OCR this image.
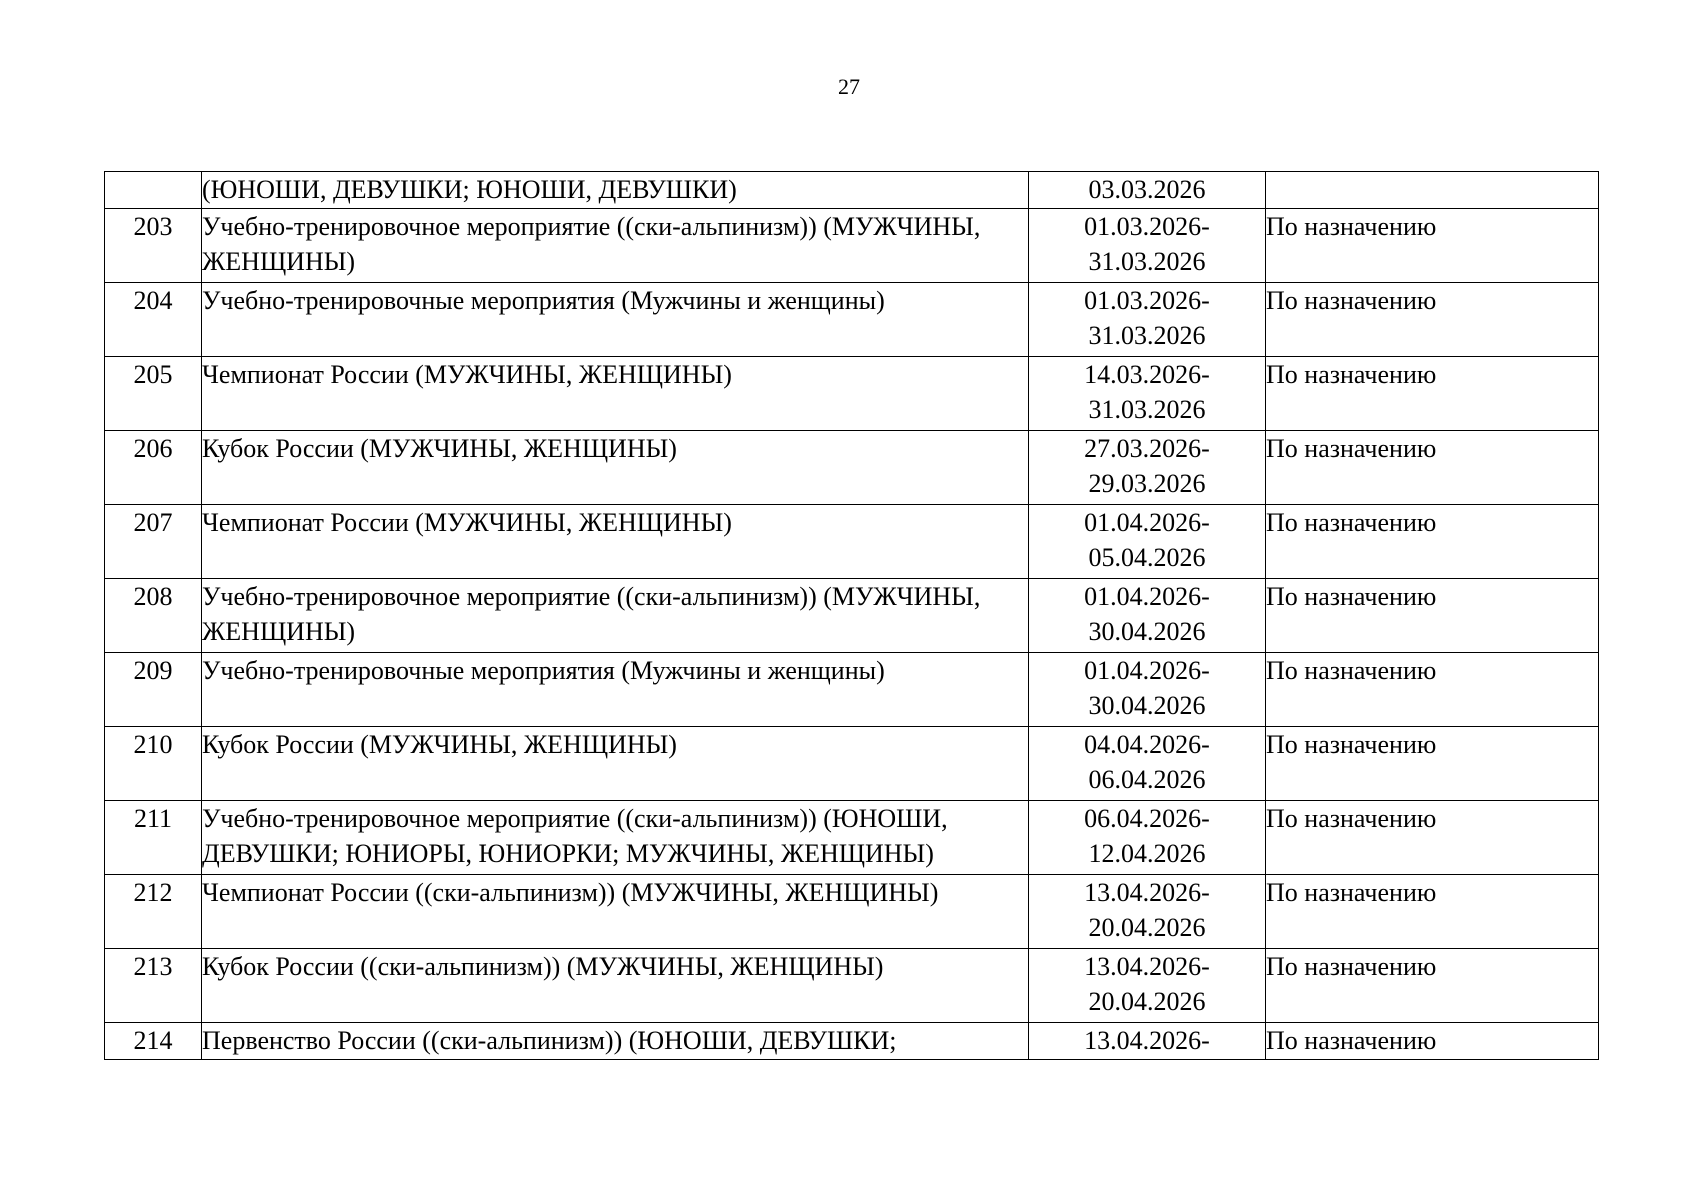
27
	(ЮНОШИ, ДЕВУШКИ; ЮНОШИ, ДЕВУШКИ)	03.03.2026	

203	Учебно-тренировочное мероприятие ((ски-альпинизм)) (МУЖЧИНЫ, ЖЕНЩИНЫ)	01.03.2026-
31.03.2026	По назначению
204	Учебно-тренировочные мероприятия (Мужчины и женщины)	01.03.2026-
31.03.2026	По назначению
205	Чемпионат России (МУЖЧИНЫ, ЖЕНЩИНЫ)	14.03.2026-
31.03.2026	По назначению
206	Кубок России (МУЖЧИНЫ, ЖЕНЩИНЫ)	27.03.2026-
29.03.2026	По назначению
207	Чемпионат России (МУЖЧИНЫ, ЖЕНЩИНЫ)	01.04.2026-
05.04.2026	По назначению
208	Учебно-тренировочное мероприятие ((ски-альпинизм)) (МУЖЧИНЫ, ЖЕНЩИНЫ)	01.04.2026-
30.04.2026	По назначению
209	Учебно-тренировочные мероприятия (Мужчины и женщины)	01.04.2026-
30.04.2026	По назначению
210	Кубок России (МУЖЧИНЫ, ЖЕНЩИНЫ)	04.04.2026-
06.04.2026	По назначению
211	Учебно-тренировочное мероприятие ((ски-альпинизм)) (ЮНОШИ, ДЕВУШКИ; ЮНИОРЫ, ЮНИОРКИ; МУЖЧИНЫ, ЖЕНЩИНЫ)	06.04.2026-
12.04.2026	По назначению
212	Чемпионат России ((ски-альпинизм)) (МУЖЧИНЫ, ЖЕНЩИНЫ)	13.04.2026-
20.04.2026	По назначению
213	Кубок России ((ски-альпинизм)) (МУЖЧИНЫ, ЖЕНЩИНЫ)	13.04.2026-
20.04.2026	По назначению
214	Первенство России ((ски-альпинизм)) (ЮНОШИ, ДЕВУШКИ;	13.04.2026-	По назначению
